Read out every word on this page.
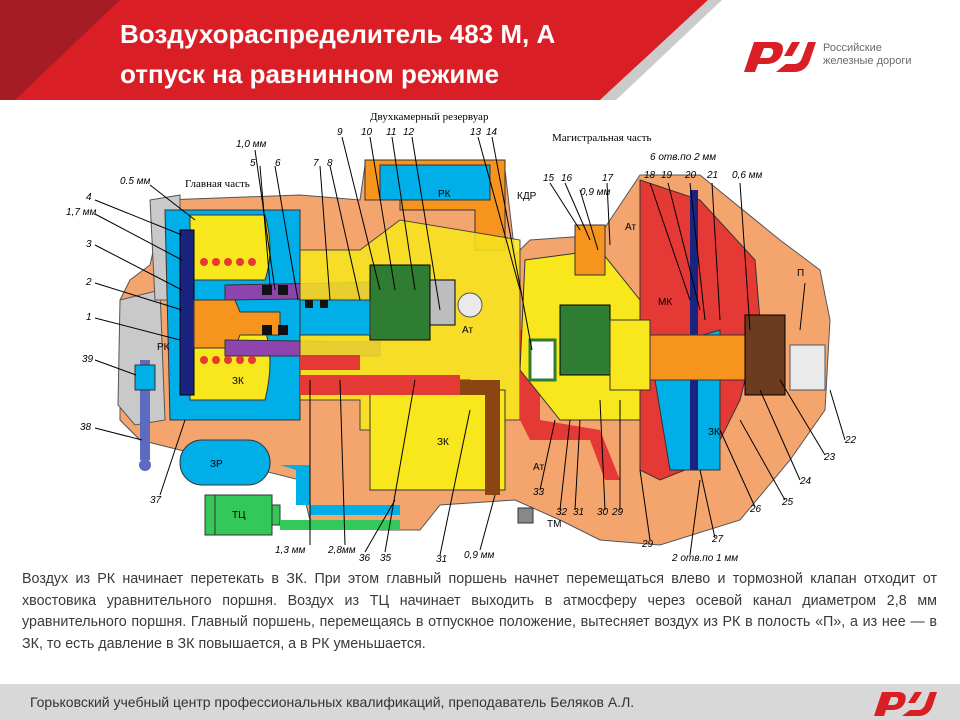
Воздухораспределитель 483 М, А
отпуск на равнинном режиме
Российские
железные дороги
РК
РК
ЗК
ЗК
ЗК
МК
П
ЗР
ТЦ
ТМ
Ат
Ат
Ат
Главная часть
Двухкамерный резервуар
Магистральная часть
КДР
1
2
3
4
5 6	7 8
9 10 11 12	13 14
15 16	17	18 19 20 21
22
23
24
25
26
27
29
29
30
31
31
32
33
35
36
37
38
39
0.5 мм
1,7 мм
1,0 мм
0,9 мм
0,9 мм
0,6 мм
6 отв.по 2 мм
1,3 мм 2,8мм
2 отв.по 1 мм
Воздух из РК начинает перетекать в ЗК. При этом главный поршень начнет перемещаться влево и тормозной клапан отходит от хвостовика уравнительного поршня. Воздух из ТЦ начинает выходить в атмосферу через осевой канал диаметром 2,8 мм уравнительного поршня. Главный поршень, перемещаясь в отпускное положение, вытесняет воздух из РК в полость «П», а из нее — в ЗК, то есть давление в ЗК повышается, а в РК уменьшается.
Горьковский учебный центр профессиональных квалификаций, преподаватель Беляков А.Л.
